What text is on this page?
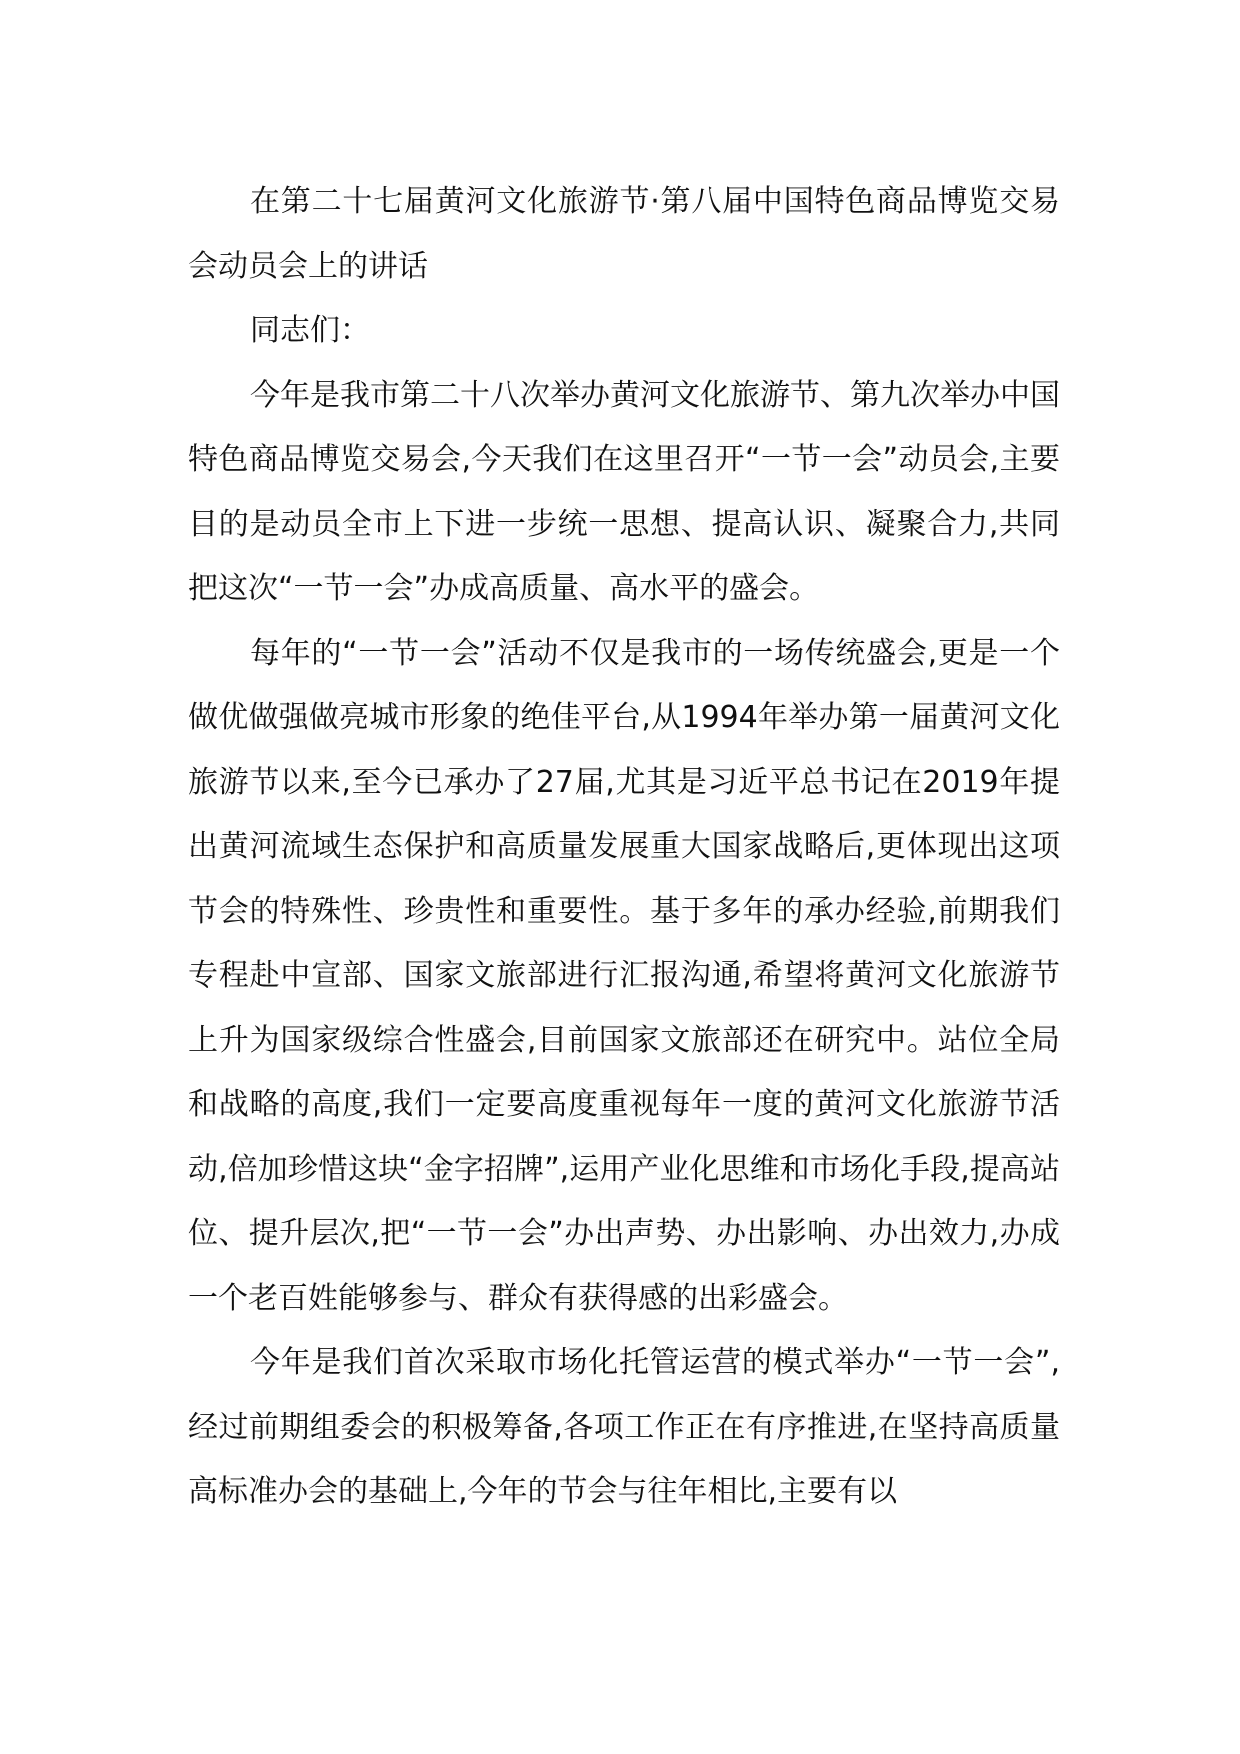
在第二十七届黄河文化旅游节·第八届中国特色商品博览交易会动员会上的讲话

同志们：

今年是我市第二十八次举办黄河文化旅游节、第九次举办中国特色商品博览交易会,今天我们在这里召开“一节一会”动员会,主要目的是动员全市上下进一步统一思想、提高认识、凝聚合力,共同把这次“一节一会”办成高质量、高水平的盛会。

每年的“一节一会”活动不仅是我市的一场传统盛会,更是一个做优做强做亮城市形象的绝佳平台,从1994年举办第一届黄河文化旅游节以来,至今已承办了27届,尤其是习近平总书记在2019年提出黄河流域生态保护和高质量发展重大国家战略后,更体现出这项节会的特殊性、珍贵性和重要性。基于多年的承办经验,前期我们专程赴中宣部、国家文旅部进行汇报沟通,希望将黄河文化旅游节上升为国家级综合性盛会,目前国家文旅部还在研究中。站位全局和战略的高度,我们一定要高度重视每年一度的黄河文化旅游节活动,倍加珍惜这块“金字招牌”,运用产业化思维和市场化手段,提高站位、提升层次,把“一节一会”办出声势、办出影响、办出效力,办成一个老百姓能够参与、群众有获得感的出彩盛会。

今年是我们首次采取市场化托管运营的模式举办“一节一会”,经过前期组委会的积极筹备,各项工作正在有序推进,在坚持高质量高标准办会的基础上,今年的节会与往年相比,主要有以
